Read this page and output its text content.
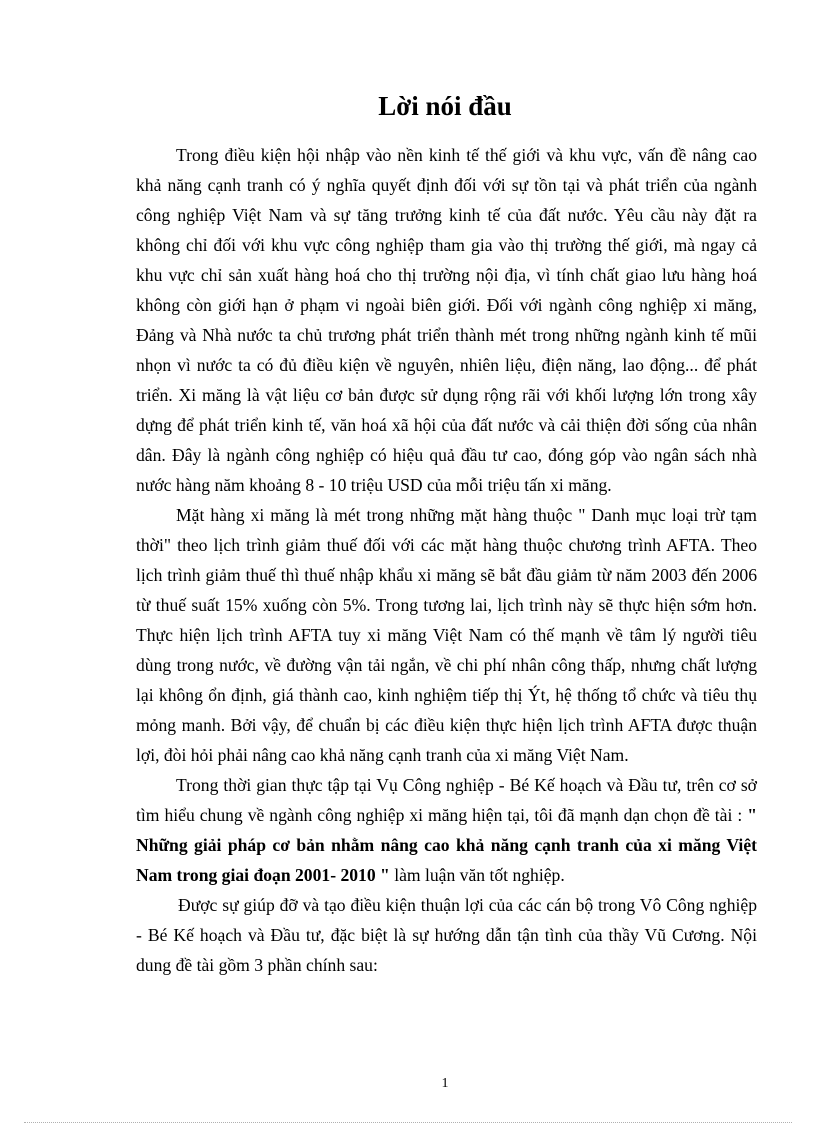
Lời nói đầu

Trong điều kiện hội nhập vào nền kinh tế thế giới và khu vực, vấn đề nâng cao khả năng cạnh tranh có ý nghĩa quyết định đối với sự tồn tại và phát triển của ngành công nghiệp Việt Nam và sự tăng trưởng kinh tế của đất nước. Yêu cầu này đặt ra không chỉ đối với khu vực công nghiệp tham gia vào thị trường thế giới, mà ngay cả khu vực chỉ sản xuất hàng hoá cho thị trường nội địa, vì tính chất giao lưu hàng hoá không còn giới hạn ở phạm vi ngoài biên giới. Đối với ngành công nghiệp xi măng, Đảng và Nhà nước ta chủ trương phát triển thành mét trong những ngành kinh tế mũi nhọn vì nước ta có đủ điều kiện về nguyên, nhiên liệu, điện năng, lao động... để phát triển. Xi măng là vật liệu cơ bản được sử dụng rộng rãi với khối lượng lớn trong xây dựng để phát triển kinh tế, văn hoá xã hội của đất nước và cải thiện đời sống của nhân dân. Đây là ngành công nghiệp có hiệu quả đầu tư cao, đóng góp vào ngân sách nhà nước hàng năm khoảng 8 - 10 triệu USD của mỗi triệu tấn xi măng.

Mặt hàng xi măng là mét trong những mặt hàng thuộc " Danh mục loại trừ tạm thời" theo lịch trình giảm thuế đối với các mặt hàng thuộc chương trình AFTA. Theo lịch trình giảm thuế thì thuế nhập khẩu xi măng sẽ bắt đầu giảm từ năm 2003 đến 2006 từ thuế suất 15% xuống còn 5%. Trong tương lai, lịch trình này sẽ thực hiện sớm hơn. Thực hiện lịch trình AFTA tuy xi măng Việt Nam có thế mạnh về tâm lý người tiêu dùng trong nước, về đường vận tải ngắn, về chi phí nhân công thấp, nhưng chất lượng lại không ổn định, giá thành cao, kinh nghiệm tiếp thị Ýt, hệ thống tổ chức và tiêu thụ mỏng manh. Bởi vậy, để chuẩn bị các điều kiện thực hiện lịch trình AFTA được thuận lợi, đòi hỏi phải nâng cao khả năng cạnh tranh của xi măng Việt Nam.

Trong thời gian thực tập tại Vụ Công nghiệp - Bé Kế hoạch và Đầu tư, trên cơ sở tìm hiểu chung về ngành công nghiệp xi măng hiện tại, tôi đã mạnh dạn chọn đề tài : " Những giải pháp cơ bản nhằm nâng cao khả năng cạnh tranh của xi măng Việt Nam trong giai đoạn 2001- 2010 " làm luận văn tốt nghiệp.

Được sự giúp đỡ và tạo điều kiện thuận lợi của các cán bộ trong Vô Công nghiệp - Bé Kế hoạch và Đầu tư, đặc biệt là sự hướng dẫn tận tình của thầy Vũ Cương. Nội dung đề tài gồm 3 phần chính sau:

1
